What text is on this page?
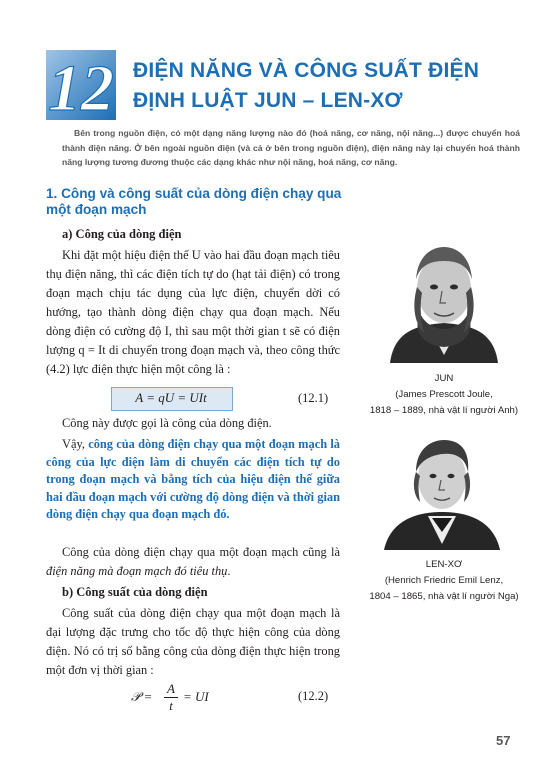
12 ĐIỆN NĂNG VÀ CÔNG SUẤT ĐIỆN
ĐỊNH LUẬT JUN – LEN-XƠ

Bên trong nguồn điện, có một dạng năng lượng nào đó (hoá năng, cơ năng, nội năng...) được chuyển hoá thành điện năng. Ở bên ngoài nguồn điện (và cả ở bên trong nguồn điện), điện năng này lại chuyển hoá thành năng lượng tương đương thuộc các dạng khác như nội năng, hoá năng, cơ năng.

1. Công và công suất của dòng điện chạy qua một đoạn mạch
a) Công của dòng điện

Khi đặt một hiệu điện thế U vào hai đầu đoạn mạch tiêu thụ điện năng, thì các điện tích tự do (hạt tải điện) có trong đoạn mạch chịu tác dụng của lực điện, chuyển dời có hướng, tạo thành dòng điện chạy qua đoạn mạch. Nếu dòng điện có cường độ I, thì sau một thời gian t sẽ có điện lượng q = It di chuyển trong đoạn mạch và, theo công thức (4.2) lực điện thực hiện một công là :

A = qU = UIt	(12.1)

Công này được gọi là công của dòng điện.

Vậy, công của dòng điện chạy qua một đoạn mạch là công của lực điện làm di chuyển các điện tích tự do trong đoạn mạch và bằng tích của hiệu điện thế giữa hai đầu đoạn mạch với cường độ dòng điện và thời gian dòng điện chạy qua đoạn mạch đó.

Công của dòng điện chạy qua một đoạn mạch cũng là điện năng mà đoạn mạch đó tiêu thụ.

b) Công suất của dòng điện

Công suất của dòng điện chạy qua một đoạn mạch là đại lượng đặc trưng cho tốc độ thực hiện công của dòng điện. Nó có trị số bằng công của dòng điện thực hiện trong một đơn vị thời gian :

𝒫 =
A
t
= UI	(12.2)
JUN
(James Prescott Joule,
1818 – 1889, nhà vật lí người Anh)
LEN-XƠ
(Henrich Friedric Emil Lenz,
1804 – 1865, nhà vật lí người Nga)
57
